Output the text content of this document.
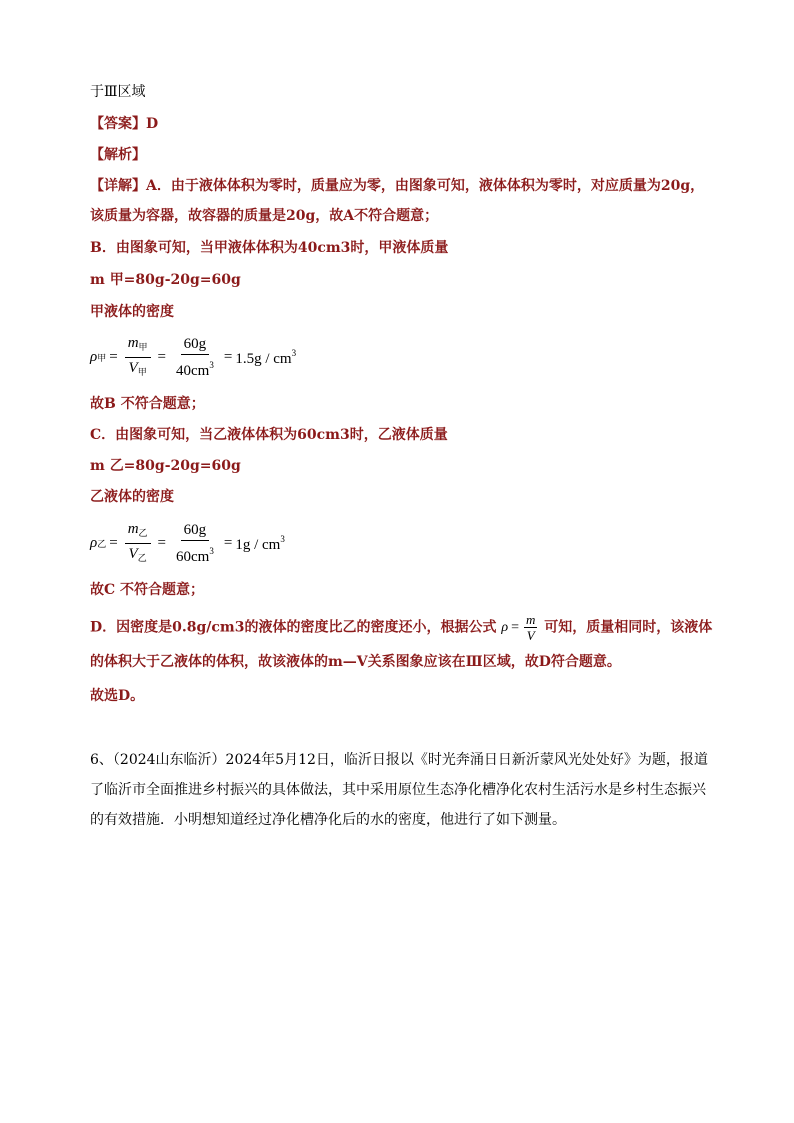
于Ⅲ区域
【答案】D
【解析】
【详解】A．由于液体体积为零时，质量应为零，由图象可知，液体体积为零时，对应质量为20g，
该质量为容器，故容器的质量是20g，故A不符合题意；
B．由图象可知，当甲液体体积为40cm3时，甲液体质量
m 甲=80g-20g=60g
甲液体的密度
ρ 甲 = $\frac{m_甲}{V_甲} = \frac{60g}{40cm^3} = 1.5g / cm^3$
故B 不符合题意；
C．由图象可知，当乙液体体积为60cm3时，乙液体质量
m 乙=80g-20g=60g
乙液体的密度
ρ 乙 = $\frac{m_乙}{V_乙} = \frac{60g}{60cm^3} = 1g / cm^3$
故C 不符合题意；
D．因密度是0.8g/cm3的液体的密度比乙的密度还小，根据公式 $\rho = \frac{m}{V}$ 可知，质量相同时，该液体
的体积大于乙液体的体积，故该液体的m—V关系图象应该在Ⅲ区域，故D符合题意。
故选D。
6、（2024山东临沂）2024年5月12日，临沂日报以《时光奔涌日日新沂蒙风光处处好》为题，报道了临沂市全面推进乡村振兴的具体做法，其中采用原位生态净化槽净化农村生活污水是乡村生态振兴的有效措施．小明想知道经过净化槽净化后的水的密度，他进行了如下测量。
